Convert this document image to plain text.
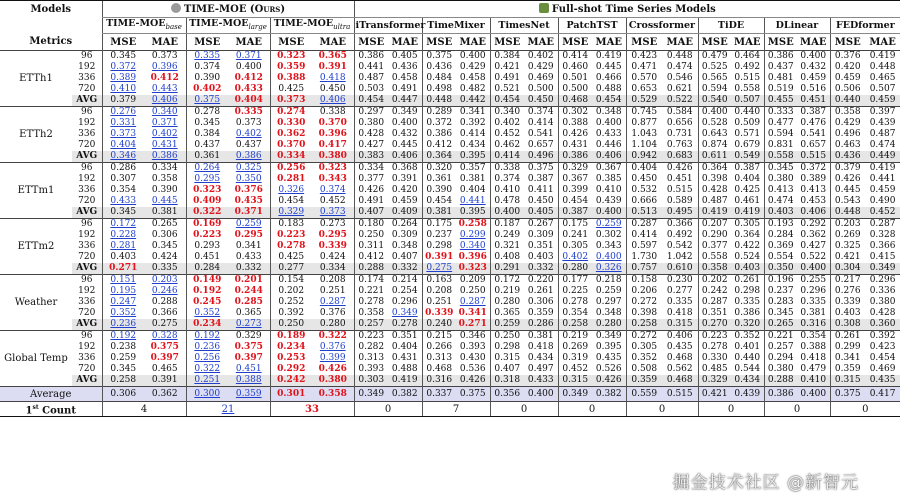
Models		TIME-MOE (Ours)						Full-shot Time Series Models															
		TIME-$MOE_{base}$		TIME-$MOE_{large}$		TIME-$MOE_{ultra}$		iTransformer		TimeMixer		TimesNet		PatchTST		Crossformer		TiDE		DLinear		FEDformer	
Metrics		MSE	MAE	MSE	MAE	MSE	MAE	MSE	MAE	MSE	MAE	MSE	MAE	MSE	MAE	MSE	MAE	MSE	MAE	MSE	MAE	MSE	MAE
ETTh1	96	0.345	0.373	0.335	0.371	0.323	0.365	0.386	0.405	0.375	0.400	0.384	0.402	0.414	0.419	0.423	0.448	0.479	0.464	0.386	0.400	0.376	0.419
	192	0.372	0.396	0.374	0.400	0.359	0.391	0.441	0.436	0.436	0.429	0.421	0.429	0.460	0.445	0.471	0.474	0.525	0.492	0.437	0.432	0.420	0.448
	336	0.389	0.412	0.390	0.412	0.388	0.418	0.487	0.458	0.484	0.458	0.491	0.469	0.501	0.466	0.570	0.546	0.565	0.515	0.481	0.459	0.459	0.465
	720	0.410	0.443	0.402	0.433	0.425	0.450	0.503	0.491	0.498	0.482	0.521	0.500	0.500	0.488	0.653	0.621	0.594	0.558	0.519	0.516	0.506	0.507
	AVG	0.379	0.406	0.375	0.404	0.373	0.406	0.454	0.447	0.448	0.442	0.454	0.450	0.468	0.454	0.529	0.522	0.540	0.507	0.455	0.451	0.440	0.459
ETTh2	96	0.276	0.340	0.278	0.335	0.274	0.338	0.297	0.349	0.289	0.341	0.340	0.374	0.302	0.348	0.745	0.584	0.400	0.440	0.333	0.387	0.358	0.397
	192	0.331	0.371	0.345	0.373	0.330	0.370	0.380	0.400	0.372	0.392	0.402	0.414	0.388	0.400	0.877	0.656	0.528	0.509	0.477	0.476	0.429	0.439
	336	0.373	0.402	0.384	0.402	0.362	0.396	0.428	0.432	0.386	0.414	0.452	0.541	0.426	0.433	1.043	0.731	0.643	0.571	0.594	0.541	0.496	0.487
	720	0.404	0.431	0.437	0.437	0.370	0.417	0.427	0.445	0.412	0.434	0.462	0.657	0.431	0.446	1.104	0.763	0.874	0.679	0.831	0.657	0.463	0.474
	AVG	0.346	0.386	0.361	0.386	0.334	0.380	0.383	0.406	0.364	0.395	0.414	0.496	0.386	0.406	0.942	0.683	0.611	0.549	0.558	0.515	0.436	0.449
ETTm1	96	0.286	0.334	0.264	0.325	0.256	0.323	0.334	0.368	0.320	0.357	0.338	0.375	0.329	0.367	0.404	0.426	0.364	0.387	0.345	0.372	0.379	0.419
	192	0.307	0.358	0.295	0.350	0.281	0.343	0.377	0.391	0.361	0.381	0.374	0.387	0.367	0.385	0.450	0.451	0.398	0.404	0.380	0.389	0.426	0.441
	336	0.354	0.390	0.323	0.376	0.326	0.374	0.426	0.420	0.390	0.404	0.410	0.411	0.399	0.410	0.532	0.515	0.428	0.425	0.413	0.413	0.445	0.459
	720	0.433	0.445	0.409	0.435	0.454	0.452	0.491	0.459	0.454	0.441	0.478	0.450	0.454	0.439	0.666	0.589	0.487	0.461	0.474	0.453	0.543	0.490
	AVG	0.345	0.381	0.322	0.371	0.329	0.373	0.407	0.409	0.381	0.395	0.400	0.405	0.387	0.400	0.513	0.495	0.419	0.419	0.403	0.406	0.448	0.452
ETTm2	96	0.172	0.265	0.169	0.259	0.183	0.273	0.180	0.264	0.175	0.258	0.187	0.267	0.175	0.259	0.287	0.366	0.207	0.305	0.193	0.292	0.203	0.287
	192	0.228	0.306	0.223	0.295	0.223	0.295	0.250	0.309	0.237	0.299	0.249	0.309	0.241	0.302	0.414	0.492	0.290	0.364	0.284	0.362	0.269	0.328
	336	0.281	0.345	0.293	0.341	0.278	0.339	0.311	0.348	0.298	0.340	0.321	0.351	0.305	0.343	0.597	0.542	0.377	0.422	0.369	0.427	0.325	0.366
	720	0.403	0.424	0.451	0.433	0.425	0.424	0.412	0.407	0.391	0.396	0.408	0.403	0.402	0.400	1.730	1.042	0.558	0.524	0.554	0.522	0.421	0.415
	AVG	0.271	0.335	0.284	0.332	0.277	0.334	0.288	0.332	0.275	0.323	0.291	0.332	0.280	0.326	0.757	0.610	0.358	0.403	0.350	0.400	0.304	0.349
Weather	96	0.151	0.203	0.149	0.201	0.154	0.208	0.174	0.214	0.163	0.209	0.172	0.220	0.177	0.218	0.158	0.230	0.202	0.261	0.196	0.255	0.217	0.296
	192	0.195	0.246	0.192	0.244	0.202	0.251	0.221	0.254	0.208	0.250	0.219	0.261	0.225	0.259	0.206	0.277	0.242	0.298	0.237	0.296	0.276	0.336
	336	0.247	0.288	0.245	0.285	0.252	0.287	0.278	0.296	0.251	0.287	0.280	0.306	0.278	0.297	0.272	0.335	0.287	0.335	0.283	0.335	0.339	0.380
	720	0.352	0.366	0.352	0.365	0.392	0.376	0.358	0.349	0.339	0.341	0.365	0.359	0.354	0.348	0.398	0.418	0.351	0.386	0.345	0.381	0.403	0.428
	AVG	0.236	0.275	0.234	0.273	0.250	0.280	0.257	0.278	0.240	0.271	0.259	0.286	0.258	0.280	0.258	0.315	0.270	0.320	0.265	0.316	0.308	0.360
Global Temp	96	0.192	0.328	0.192	0.329	0.189	0.322	0.223	0.351	0.215	0.346	0.250	0.381	0.219	0.349	0.272	0.406	0.223	0.352	0.221	0.354	0.261	0.392
	192	0.238	0.375	0.236	0.375	0.234	0.376	0.282	0.404	0.266	0.393	0.298	0.418	0.269	0.395	0.305	0.435	0.278	0.401	0.257	0.388	0.299	0.423
	336	0.259	0.397	0.256	0.397	0.253	0.399	0.313	0.431	0.313	0.430	0.315	0.434	0.319	0.435	0.352	0.468	0.330	0.440	0.294	0.418	0.341	0.454
	720	0.345	0.465	0.322	0.451	0.292	0.426	0.393	0.488	0.468	0.536	0.407	0.497	0.452	0.526	0.508	0.562	0.485	0.544	0.380	0.479	0.359	0.469
	AVG	0.258	0.391	0.251	0.388	0.242	0.380	0.303	0.419	0.316	0.426	0.318	0.433	0.315	0.426	0.359	0.468	0.329	0.434	0.288	0.410	0.315	0.435
Average		0.306	0.362	0.300	0.359	0.301	0.358	0.349	0.382	0.337	0.375	0.356	0.400	0.349	0.382	0.559	0.515	0.421	0.439	0.386	0.400	0.375	0.417
1st Count		4		21		33		0		7		0		0		0		0		0		0	
掘金技术社区 @新智元
